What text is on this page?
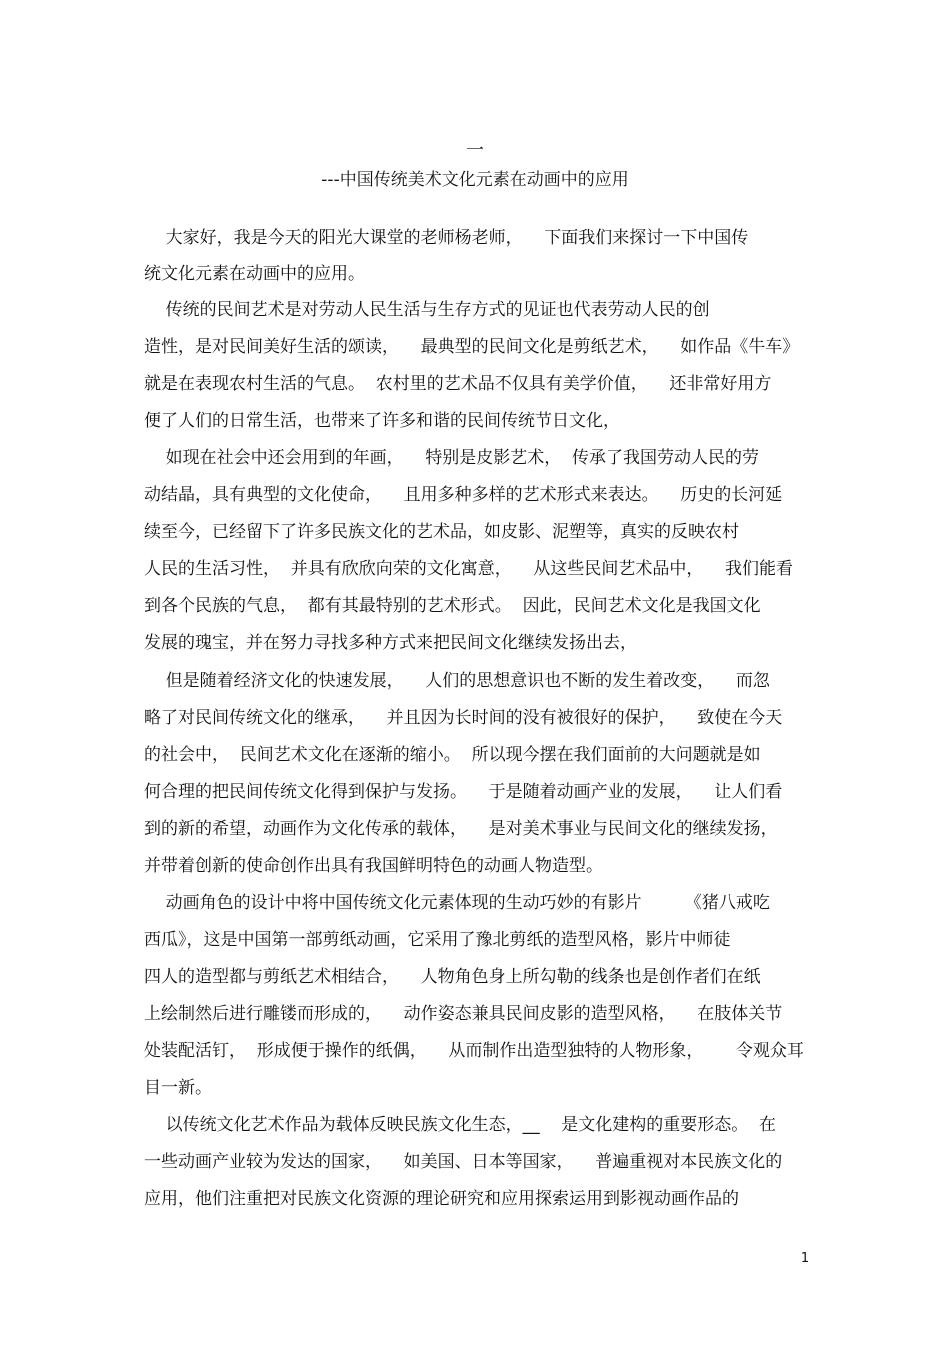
一
---中国传统美术文化元素在动画中的应用
大家好，我是今天的阳光大课堂的老师杨老师，    下面我们来探讨一下中国传
统文化元素在动画中的应用。
传统的民间艺术是对劳动人民生活与生存方式的见证也代表劳动人民的创
造性，是对民间美好生活的颂读，    最典型的民间文化是剪纸艺术，    如作品《牛车》
就是在表现农村生活的气息。  农村里的艺术品不仅具有美学价值，    还非常好用方
便了人们的日常生活，也带来了许多和谐的民间传统节日文化，
如现在社会中还会用到的年画，    特别是皮影艺术，  传承了我国劳动人民的劳
动结晶，具有典型的文化使命，    且用多种多样的艺术形式来表达。    历史的长河延
续至今，已经留下了许多民族文化的艺术品，如皮影、泥塑等，真实的反映农村
人民的生活习性，  并具有欣欣向荣的文化寓意，    从这些民间艺术品中，    我们能看
到各个民族的气息，  都有其最特别的艺术形式。  因此，民间艺术文化是我国文化
发展的瑰宝，并在努力寻找多种方式来把民间文化继续发扬出去，
但是随着经济文化的快速发展，    人们的思想意识也不断的发生着改变，    而忽
略了对民间传统文化的继承，    并且因为长时间的没有被很好的保护，    致使在今天
的社会中，  民间艺术文化在逐渐的缩小。  所以现今摆在我们面前的大问题就是如
何合理的把民间传统文化得到保护与发扬。    于是随着动画产业的发展，    让人们看
到的新的希望，动画作为文化传承的载体，    是对美术事业与民间文化的继续发扬，
并带着创新的使命创作出具有我国鲜明特色的动画人物造型。
动画角色的设计中将中国传统文化元素体现的生动巧妙的有影片        《猪八戒吃
西瓜》，这是中国第一部剪纸动画，它采用了豫北剪纸的造型风格，影片中师徒
四人的造型都与剪纸艺术相结合，    人物角色身上所勾勒的线条也是创作者们在纸
上绘制然后进行雕镂而形成的，    动作姿态兼具民间皮影的造型风格，    在肢体关节
处装配活钉，  形成便于操作的纸偶，    从而制作出造型独特的人物形象，      令观众耳
目一新。
以传统文化艺术作品为载体反映民族文化生态，__    是文化建构的重要形态。  在
一些动画产业较为发达的国家，    如美国、日本等国家，    普遍重视对本民族文化的
应用，他们注重把对民族文化资源的理论研究和应用探索运用到影视动画作品的
1
